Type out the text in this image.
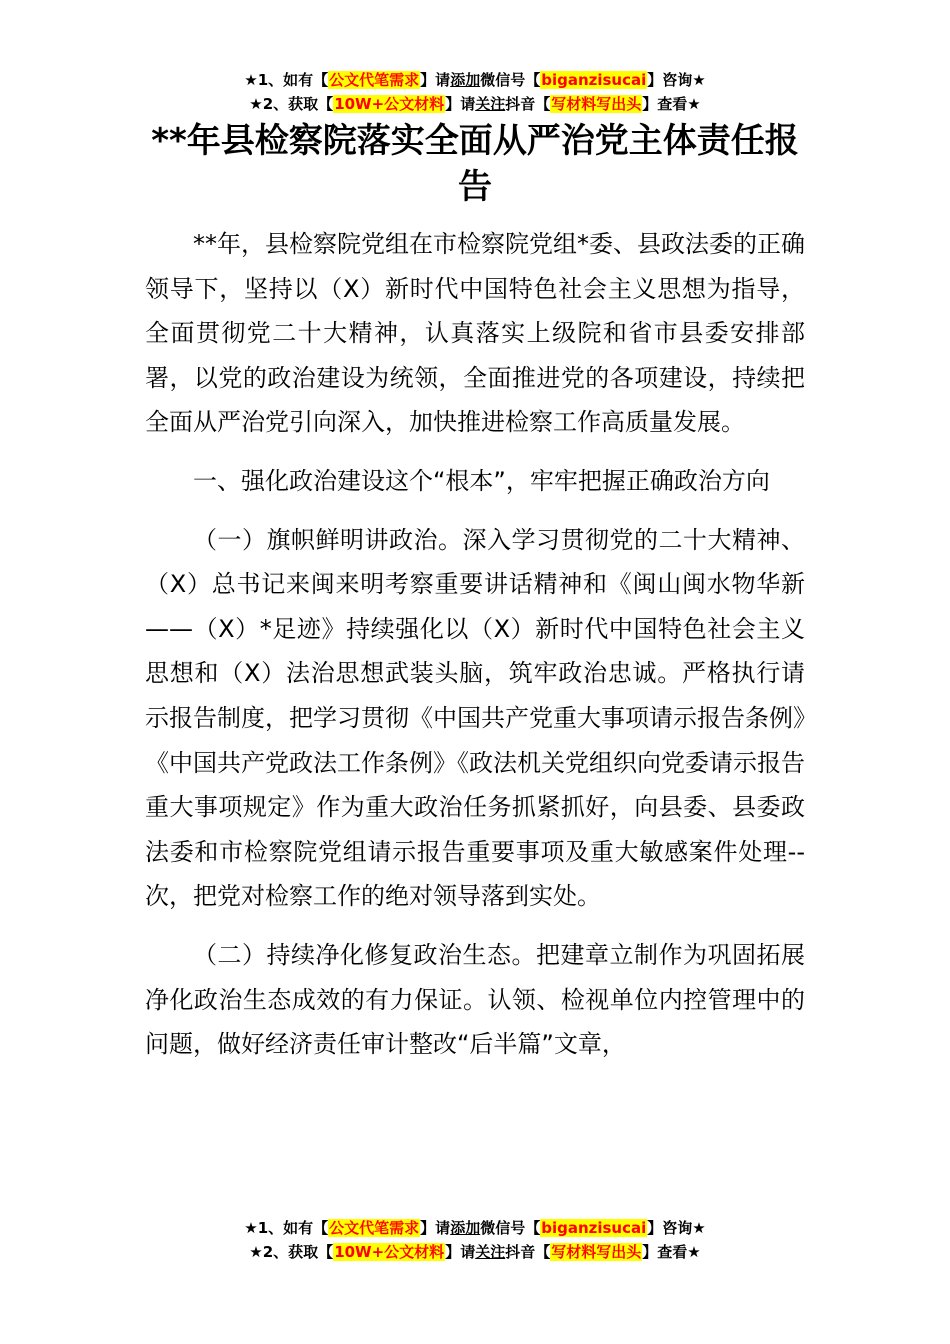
★1、如有【公文代笔需求】请添加微信号【biganzisucai】咨询★
★2、获取【10W+公文材料】请关注抖音【写材料写出头】查看★
**年县检察院落实全面从严治党主体责任报告

**年，县检察院党组在市检察院党组*委、县政法委的正确领导下，坚持以（X）新时代中国特色社会主义思想为指导，全面贯彻党二十大精神，认真落实上级院和省市县委安排部署，以党的政治建设为统领，全面推进党的各项建设，持续把全面从严治党引向深入，加快推进检察工作高质量发展。

一、强化政治建设这个“根本”，牢牢把握正确政治方向

（一）旗帜鲜明讲政治。深入学习贯彻党的二十大精神、（X）总书记来闽来明考察重要讲话精神和《闽山闽水物华新——（X）*足迹》持续强化以（X）新时代中国特色社会主义思想和（X）法治思想武装头脑，筑牢政治忠诚。严格执行请示报告制度，把学习贯彻《中国共产党重大事项请示报告条例》《中国共产党政法工作条例》《政法机关党组织向党委请示报告重大事项规定》作为重大政治任务抓紧抓好，向县委、县委政法委和市检察院党组请示报告重要事项及重大敏感案件处理--次，把党对检察工作的绝对领导落到实处。

（二）持续净化修复政治生态。把建章立制作为巩固拓展净化政治生态成效的有力保证。认领、检视单位内控管理中的问题，做好经济责任审计整改“后半篇”文章，

★1、如有【公文代笔需求】请添加微信号【biganzisucai】咨询★
★2、获取【10W+公文材料】请关注抖音【写材料写出头】查看★
